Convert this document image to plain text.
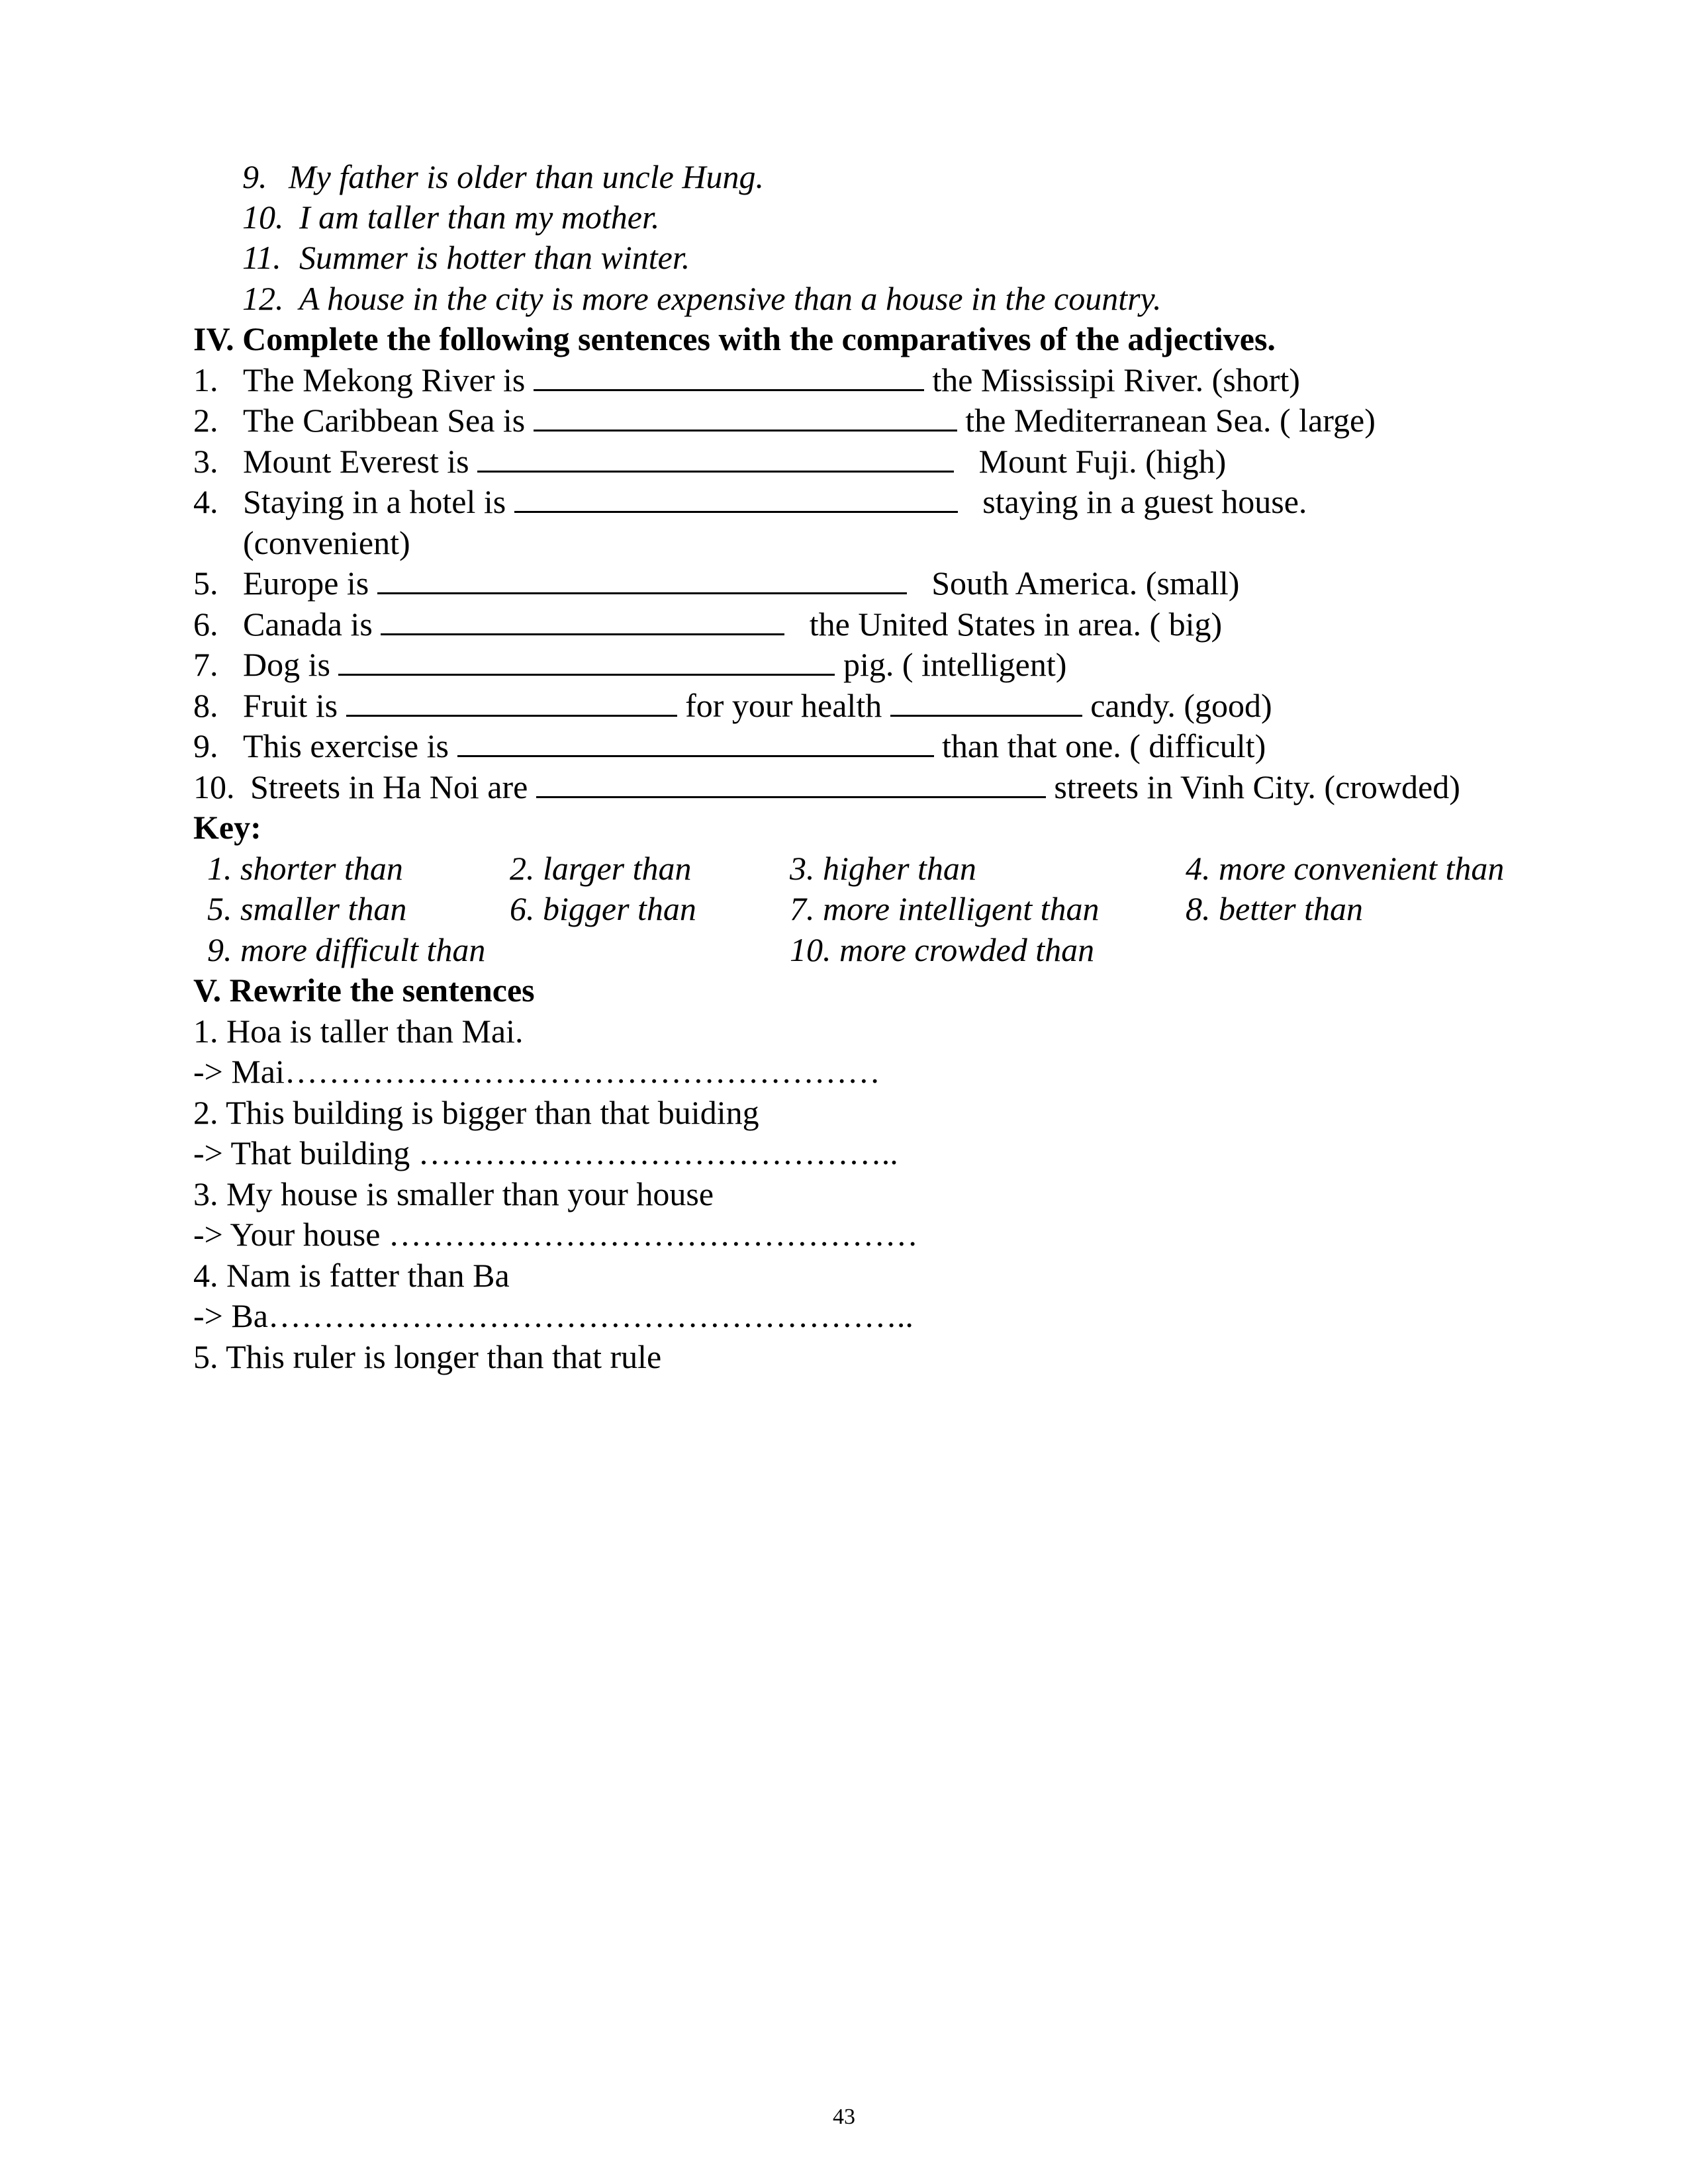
9. My father is older than uncle Hung.
10. I am taller than my mother.
11. Summer is hotter than winter.
12. A house in the city is more expensive than a house in the country.
IV. Complete the following sentences with the comparatives of the adjectives.
1. The Mekong River is	the Mississipi River. (short)
2. The Caribbean Sea is	the Mediterranean Sea. ( large)
3. Mount Everest is	Mount Fuji. (high)
4. Staying in a hotel is	staying in a guest house.
(convenient)
5. Europe is	South America. (small)
6. Canada is	the United States in area. ( big)
7. Dog is	pig. ( intelligent)
8. Fruit is	for your health	candy. (good)
9. This exercise is	than that one. ( difficult)
10. Streets in Ha Noi are	streets in Vinh City. (crowded)
Key:
1. shorter than	2. larger than	3. higher than	4. more convenient than
5. smaller than	6. bigger than	7. more intelligent than	8. better than
9. more difficult than	10. more crowded than
V. Rewrite the sentences
1. Hoa is taller than Mai.
-> Mai………………………………………………
2. This building is bigger than that buiding
-> That building ……………………………………..
3. My house is smaller than your house
-> Your house …………………………………………
4. Nam is fatter than Ba
-> Ba…………………………………………………..
5. This ruler is longer than that rule
43
